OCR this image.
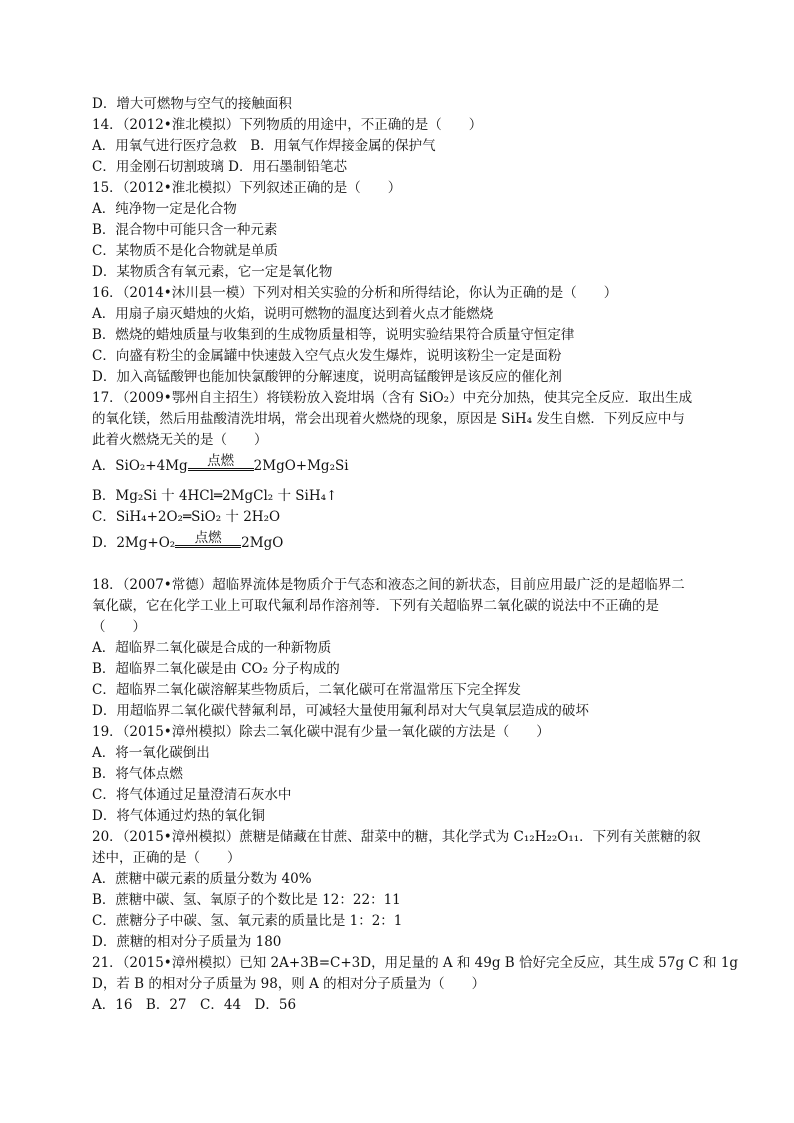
D．增大可燃物与空气的接触面积
14．（2012•淮北模拟）下列物质的用途中，不正确的是（　　）
A．用氧气进行医疗急救　B．用氧气作焊接金属的保护气
C．用金刚石切割玻璃 D．用石墨制铅笔芯
15．（2012•淮北模拟）下列叙述正确的是（　　）
A．纯净物一定是化合物
B．混合物中可能只含一种元素
C．某物质不是化合物就是单质
D．某物质含有氧元素，它一定是氧化物
16．（2014•沐川县一模）下列对相关实验的分析和所得结论，你认为正确的是（　　）
A．用扇子扇灭蜡烛的火焰，说明可燃物的温度达到着火点才能燃烧
B．燃烧的蜡烛质量与收集到的生成物质量相等，说明实验结果符合质量守恒定律
C．向盛有粉尘的金属罐中快速鼓入空气点火发生爆炸，说明该粉尘一定是面粉
D．加入高锰酸钾也能加快氯酸钾的分解速度，说明高锰酸钾是该反应的催化剂
17．（2009•鄂州自主招生）将镁粉放入瓷坩埚（含有 SiO₂）中充分加热，使其完全反应．取出生成
的氧化镁，然后用盐酸清洗坩埚，常会出现着火燃烧的现象，原因是 SiH₄ 发生自燃．下列反应中与
此着火燃烧无关的是（　　）
A．SiO₂+4Mg	点燃	2MgO+Mg₂Si
B．Mg₂Si 十 4HCl═2MgCl₂ 十 SiH₄↑
C．SiH₄+2O₂═SiO₂ 十 2H₂O
D．2Mg+O₂	点燃	2MgO
18．（2007•常德）超临界流体是物质介于气态和液态之间的新状态，目前应用最广泛的是超临界二
氧化碳，它在化学工业上可取代氟利昂作溶剂等．下列有关超临界二氧化碳的说法中不正确的是
（　　）
A．超临界二氧化碳是合成的一种新物质
B．超临界二氧化碳是由 CO₂ 分子构成的
C．超临界二氧化碳溶解某些物质后，二氧化碳可在常温常压下完全挥发
D．用超临界二氧化碳代替氟利昂，可减轻大量使用氟利昂对大气臭氧层造成的破坏
19．（2015•漳州模拟）除去二氧化碳中混有少量一氧化碳的方法是（　　）
A．将一氧化碳倒出
B．将气体点燃
C．将气体通过足量澄清石灰水中
D．将气体通过灼热的氧化铜
20．（2015•漳州模拟）蔗糖是储藏在甘蔗、甜菜中的糖，其化学式为 C₁₂H₂₂O₁₁．下列有关蔗糖的叙
述中，正确的是（　　）
A．蔗糖中碳元素的质量分数为 40%
B．蔗糖中碳、氢、氧原子的个数比是 12：22：11
C．蔗糖分子中碳、氢、氧元素的质量比是 1：2：1
D．蔗糖的相对分子质量为 180
21．（2015•漳州模拟）已知 2A+3B=C+3D，用足量的 A 和 49g B 恰好完全反应，其生成 57g C 和 1g
D，若 B 的相对分子质量为 98，则 A 的相对分子质量为（　　）
A．16　B．27　C．44　D．56
